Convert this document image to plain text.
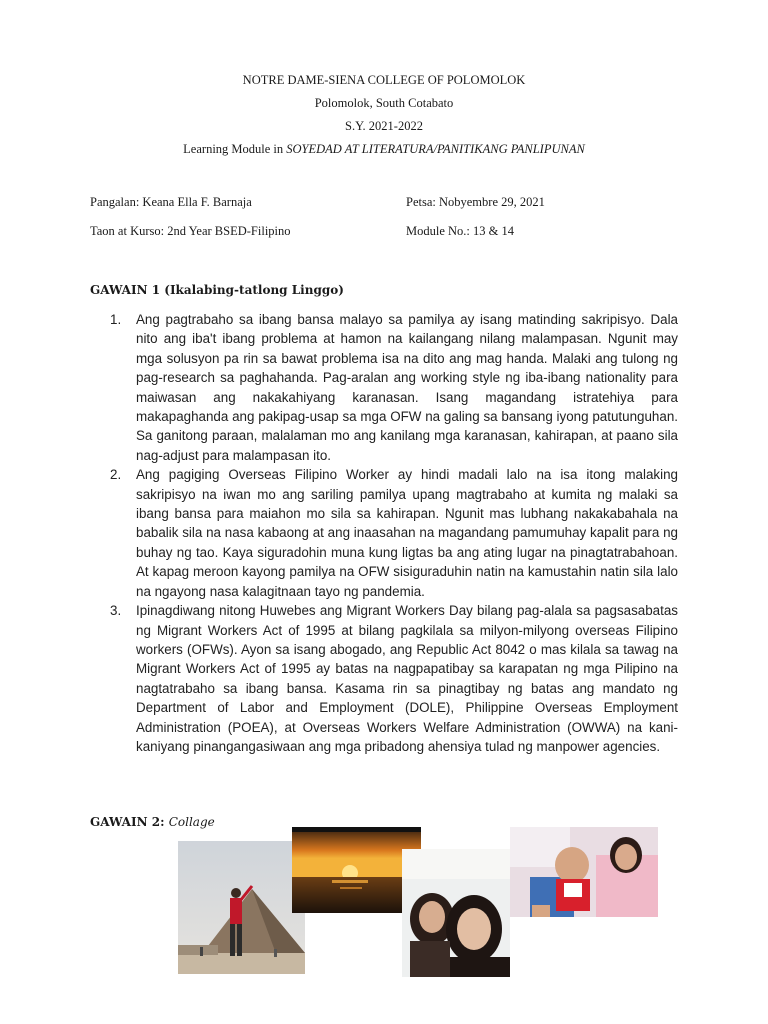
NOTRE DAME-SIENA COLLEGE OF POLOMOLOK
Polomolok, South Cotabato
S.Y. 2021-2022
Learning Module in SOYEDAD AT LITERATURA/PANITIKANG PANLIPUNAN
Pangalan: Keana Ella F. Barnaja	Petsa: Nobyembre 29, 2021
Taon at Kurso: 2nd Year BSED-Filipino	Module No.: 13 & 14
GAWAIN 1 (Ikalabing-tatlong Linggo)
1. Ang pagtrabaho sa ibang bansa malayo sa pamilya ay isang matinding sakripisyo. Dala nito ang iba't ibang problema at hamon na kailangang nilang malampasan. Ngunit may mga solusyon pa rin sa bawat problema isa na dito ang mag handa. Malaki ang tulong ng pag-research sa paghahanda. Pag-aralan ang working style ng iba-ibang nationality para maiwasan ang nakakahiyang karanasan. Isang magandang istratehiya para makapaghanda ang pakipag-usap sa mga OFW na galing sa bansang iyong patutunguhan. Sa ganitong paraan, malalaman mo ang kanilang mga karanasan, kahirapan, at paano sila nag-adjust para malampasan ito.
2. Ang pagiging Overseas Filipino Worker ay hindi madali lalo na isa itong malaking sakripisyo na iwan mo ang sariling pamilya upang magtrabaho at kumita ng malaki sa ibang bansa para maiahon mo sila sa kahirapan. Ngunit mas lubhang nakakabahala na babalik sila na nasa kabaong at ang inaasahan na magandang pamumuhay kapalit para ng buhay ng tao. Kaya siguradohin muna kung ligtas ba ang ating lugar na pinagtatrabahoan. At kapag meroon kayong pamilya na OFW sisiguraduhin natin na kamustahin natin sila lalo na ngayong nasa kalagitnaan tayo ng pandemia.
3. Ipinagdiwang nitong Huwebes ang Migrant Workers Day bilang pag-alala sa pagsasabatas ng Migrant Workers Act of 1995 at bilang pagkilala sa milyon-milyong overseas Filipino workers (OFWs). Ayon sa isang abogado, ang Republic Act 8042 o mas kilala sa tawag na Migrant Workers Act of 1995 ay batas na nagpapatibay sa karapatan ng mga Pilipino na nagtatrabaho sa ibang bansa. Kasama rin sa pinagtibay ng batas ang mandato ng Department of Labor and Employment (DOLE), Philippine Overseas Employment Administration (POEA), at Overseas Workers Welfare Administration (OWWA) na kani-kaniyang pinangangasiwaan ang mga pribadong ahensiya tulad ng manpower agencies.
GAWAIN 2: Collage
